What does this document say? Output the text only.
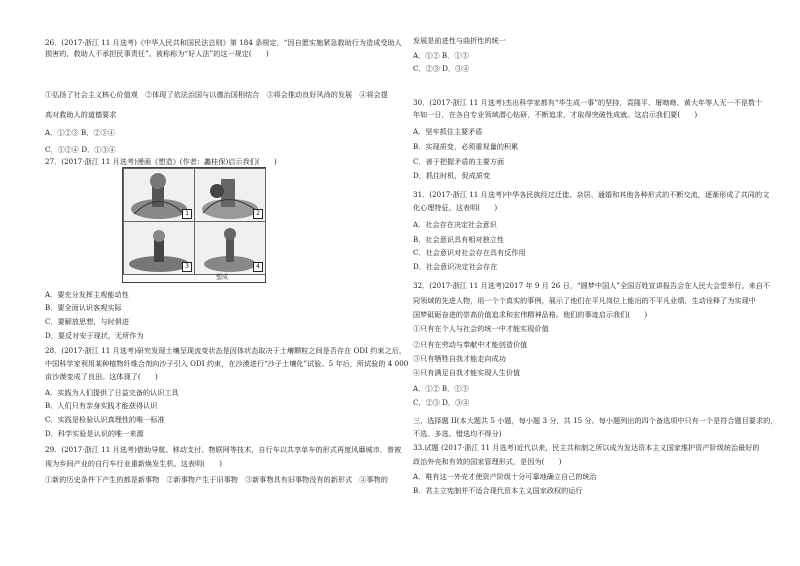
26．(2017·浙江 11 月选考)《中华人民共和国民法总则》第 184 条规定，“因自愿实施紧急救助行为造成受助人
损害的，救助人不承担民事责任”。被称称为“好人法”的这一规定(　　)
①弘扬了社会主义核心价值观　②体现了依法治国与以德治国相结合　③将会推动良好风尚的发展　④将会提
高对救助人的道德要求
A．①②③ B．②③④
C．①②④ D．①③④
27．(2017·浙江 11 月选考)漫画《塑造》(作者：蠡桂保)启示我们(　　)
A．要充分发挥主观能动性
B．要全面认识客观实际
C．要解放思想，与时俱进
D．要反对安于现状，无所作为
28．(2017·浙江 11 月选考)研究发现土壤呈现流变状态是因体状态取决于土壤颗粒之间是否存在 ODI 约束之后，
中国科学家利用某种植物纤维合剂向沙子引入 ODI 约束，在沙漠进行“沙子土壤化”试验。5 年后，所试验的 4 000
亩沙漠变成了良田。这体现了(　　)
A．实践为人们提供了日益完备的认识工具
B．人们只有亲身实践才能获得认识
C．实践是检验认识真理性的唯一标准
D．科学实验是认识的唯一来源
29．(2017·浙江 11 月选考)借助导航、移动支付、物联网等技术，自行车以共享单车的形式再度风靡城市，曾被
视为乡间产业的自行车行业重新焕发生机。这表明(　　)
①新的历史条件下产生的都是新事物　②新事物产生于旧事物　③新事物具有旧事物没有的新形式　④事物的
1	2
3	4
塑成
发展是前进性与曲折性的统一
A．①② B．①③
C．②③ D．③④
30．(2017·浙江 11 月选考)杰出科学家都有“毕生成一事”的坚持，袁隆平、屠呦呦、黄大年等人无一不是数十
年如一日，在各自专业领域潜心钻研，不断追求，才取得突破性成就。这启示我们要(　　)
A．坚牢抓住主要矛盾
B．实现质变，必须重视量的积累
C．善于把握矛盾的主要方面
D．抓住时机，促成质变
31．(2017·浙江 11 月选考)中华各民族经过迁徙、杂居、通婚和其他各种形式的不断交流，逐渐形成了共同的文
化心理特征。这表明(　　)
A．社会存在决定社会意识
B．社会意识具有相对独立性
C．社会意识对社会存在具有反作用
D．社会意识决定社会存在
32．(2017·浙江 11 月选考)2017 年 9 月 26 日，“圆梦中国人”全国百姓宣讲报告会在人民大会堂举行。来自不
同领域的先进人物，用一个个真实的事例，展示了他们在平凡岗位上能出的不平凡业绩，生动诠释了为实现中
国梦砥砺奋进的崇高价值追求和宏伟精神品格。他们的事迹启示我们(　　)
①只有在个人与社会的统一中才能实现价值
②只有在劳动与奉献中才能创造价值
③只有牺牲自我才能走向成功
④只有满足自我才能实现人生价值
A．①② B．①③
C．②③ D．③④
三、选择题 II(本大题共 5 小题，每小题 3 分，共 15 分。每小题列出的四个备选项中只有一个是符合题目要求的，
不选、多选、错选均不得分)
33.试题 (2017·浙江 11 月选考)近代以来，民主共和制之所以成为发达资本主义国家维护资产阶级统治最好的
政治外壳和有效的国家管理形式，是因为(　　)
A．唯有这一外壳才使资产阶级十分可靠地确立自己的统治
B．君主立宪制并不适合现代资本主义国家政权的运行
